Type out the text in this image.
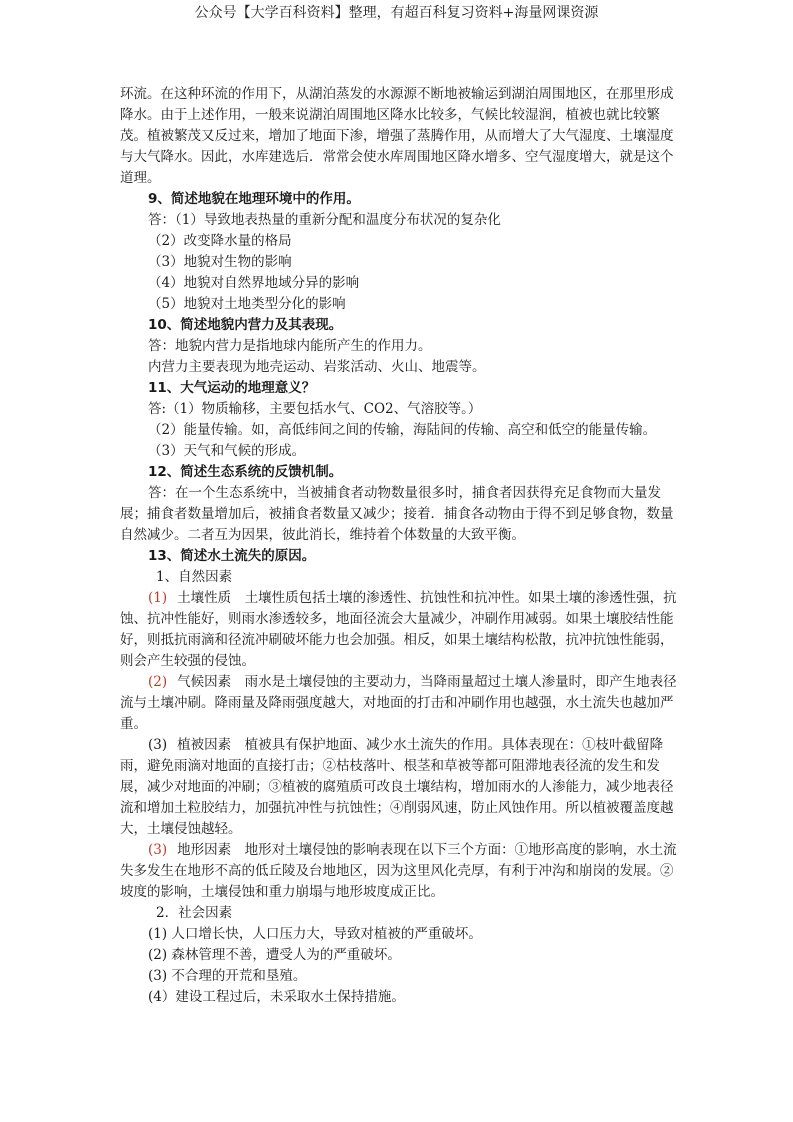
公众号【大学百科资料】整理，有超百科复习资料+海量网课资源

环流。在这种环流的作用下，从湖泊蒸发的水源源不断地被输运到湖泊周围地区，在那里形成降水。由于上述作用，一般来说湖泊周围地区降水比较多，气候比较湿润，植被也就比较繁茂。植被繁茂又反过来，增加了地面下渗，增强了蒸腾作用，从而增大了大气湿度、土壤湿度与大气降水。因此，水库建选后．常常会使水库周围地区降水增多、空气湿度增大，就是这个道理。

9、简述地貌在地理环境中的作用。

答：（1）导致地表热量的重新分配和温度分布状况的复杂化

（2）改变降水量的格局

（3）地貌对生物的影响

（4）地貌对自然界地域分异的影响

（5）地貌对土地类型分化的影响

10、简述地貌内营力及其表现。

答：地貌内营力是指地球内能所产生的作用力。

内营力主要表现为地壳运动、岩浆活动、火山、地震等。

11、大气运动的地理意义？

答:（1）物质输移，主要包括水气、CO2、气溶胶等。）

（2）能量传输。如，高低纬间之间的传输，海陆间的传输、高空和低空的能量传输。

（3）天气和气候的形成。

12、简述生态系统的反馈机制。

答：在一个生态系统中，当被捕食者动物数量很多时，捕食者因获得充足食物而大量发展；捕食者数量增加后，被捕食者数量又减少；接着．捕食各动物由于得不到足够食物，数量自然减少。二者互为因果，彼此消长，维持着个体数量的大致平衡。

13、简述水土流失的原因。

1、自然因素

(1) 土壤性质　土壤性质包括土壤的渗透性、抗蚀性和抗冲性。如果土壤的渗透性强，抗蚀、抗冲性能好，则雨水渗透较多，地面径流会大量减少，冲刷作用减弱。如果土壤胶结性能好，则抵抗雨滴和径流冲刷破坏能力也会加强。相反，如果土壤结构松散，抗冲抗蚀性能弱，则会产生较强的侵蚀。

(2) 气候因素　雨水是土壤侵蚀的主要动力，当降雨量超过土壤人渗量时，即产生地表径流与土壤冲刷。降雨量及降雨强度越大，对地面的打击和冲刷作用也越强，水土流失也越加严重。

(3) 植被因素　植被具有保护地面、减少水土流失的作用。具体表现在：①枝叶截留降雨，避免雨滴对地面的直接打击；②枯枝落叶、根茎和草被等都可阻滞地表径流的发生和发展，减少对地面的冲刷；③植被的腐殖质可改良土壤结构，增加雨水的人渗能力，减少地表径流和增加土粒胶结力，加强抗冲性与抗蚀性；④削弱风速，防止风蚀作用。所以植被覆盖度越大，土壤侵蚀越轻。

(3) 地形因素　地形对土壤侵蚀的影响表现在以下三个方面：①地形高度的影响，水土流失多发生在地形不高的低丘陵及台地地区，因为这里风化壳厚，有利于冲沟和崩岗的发展。②坡度的影响，土壤侵蚀和重力崩塌与地形坡度成正比。

2．社会因素

(1) 人口增长快，人口压力大，导致对植被的严重破坏。

(2) 森林管理不善，遭受人为的严重破坏。

(3) 不合理的开荒和垦殖。

(4）建设工程过后，未采取水土保持措施。
